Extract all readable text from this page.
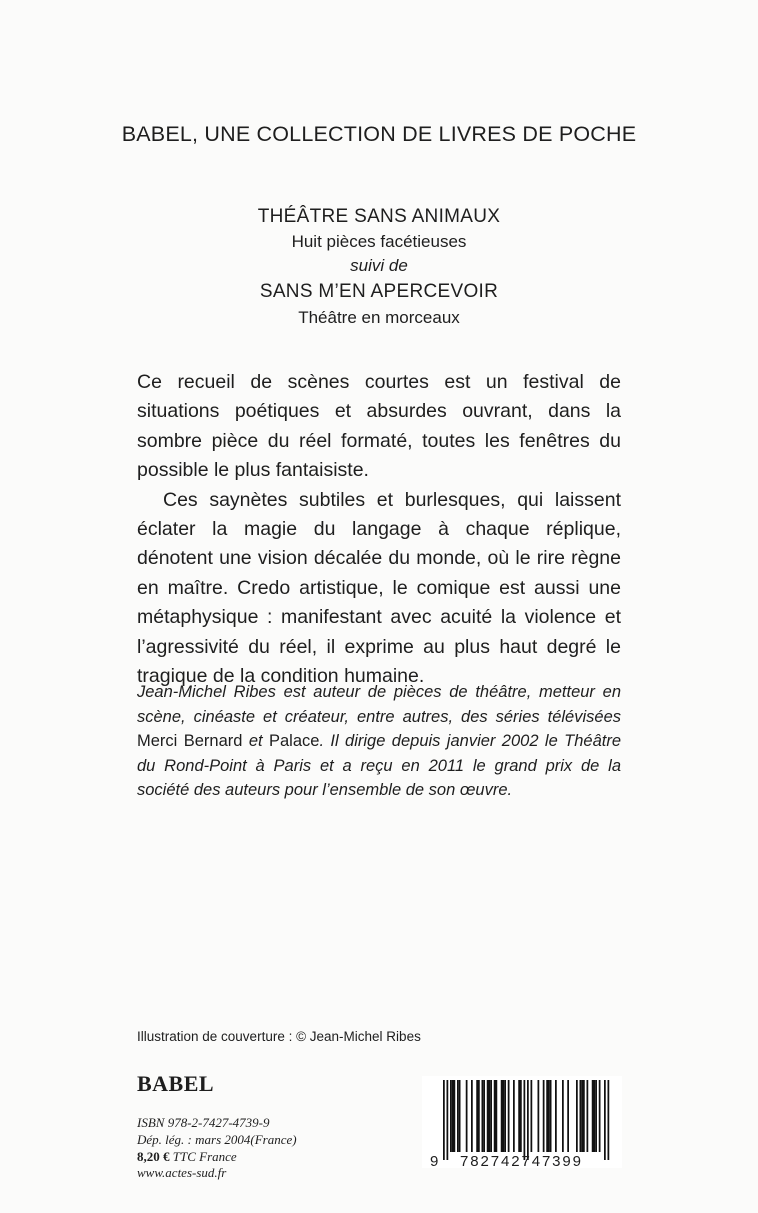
BABEL, UNE COLLECTION DE LIVRES DE POCHE
THÉÂTRE SANS ANIMAUX
Huit pièces facétieuses
suivi de
SANS M’EN APERCEVOIR
Théâtre en morceaux

Ce recueil de scènes courtes est un festival de situations poétiques et absurdes ouvrant, dans la sombre pièce du réel formaté, toutes les fenêtres du possible le plus fantaisiste.

Ces saynètes subtiles et burlesques, qui laissent éclater la magie du langage à chaque réplique, dénotent une vision décalée du monde, où le rire règne en maître. Credo artistique, le comique est aussi une métaphysique : manifestant avec acuité la violence et l’agressivité du réel, il exprime au plus haut degré le tragique de la condition humaine.

Jean-Michel Ribes est auteur de pièces de théâtre, metteur en scène, cinéaste et créateur, entre autres, des séries télévisées Merci Bernard et Palace. Il dirige depuis janvier 2002 le Théâtre du Rond-Point à Paris et a reçu en 2011 le grand prix de la société des auteurs pour l’ensemble de son œuvre.
Illustration de couverture : © Jean-Michel Ribes
BABEL
ISBN 978-2-7427-4739-9
Dép. lég. : mars 2004(France)
8,20 € TTC France
www.actes-sud.fr
9 782742747399
